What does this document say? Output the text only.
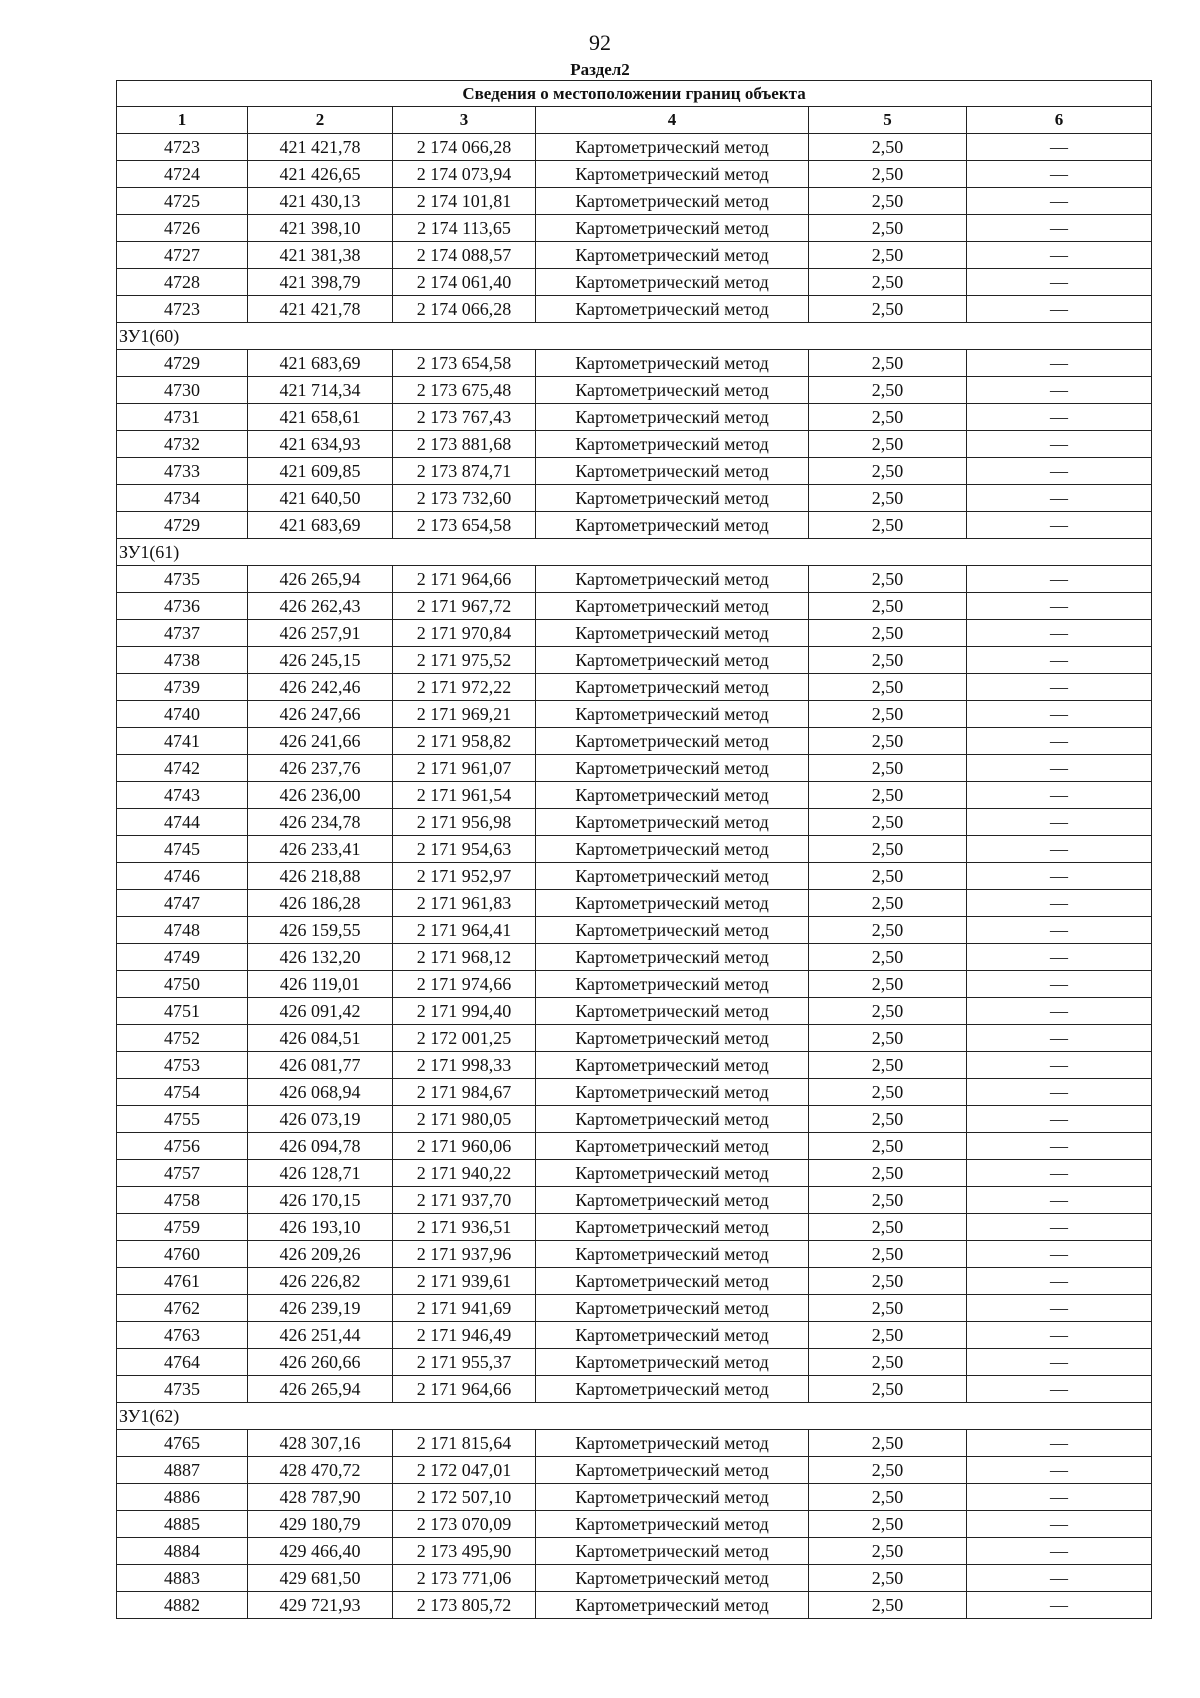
92
Раздел2
Сведения о местоположении границ объекта					
1	2	3	4	5	6
4723	421 421,78	2 174 066,28	Картометрический метод	2,50	—
4724	421 426,65	2 174 073,94	Картометрический метод	2,50	—
4725	421 430,13	2 174 101,81	Картометрический метод	2,50	—
4726	421 398,10	2 174 113,65	Картометрический метод	2,50	—
4727	421 381,38	2 174 088,57	Картометрический метод	2,50	—
4728	421 398,79	2 174 061,40	Картометрический метод	2,50	—
4723	421 421,78	2 174 066,28	Картометрический метод	2,50	—
ЗУ1(60)					
4729	421 683,69	2 173 654,58	Картометрический метод	2,50	—
4730	421 714,34	2 173 675,48	Картометрический метод	2,50	—
4731	421 658,61	2 173 767,43	Картометрический метод	2,50	—
4732	421 634,93	2 173 881,68	Картометрический метод	2,50	—
4733	421 609,85	2 173 874,71	Картометрический метод	2,50	—
4734	421 640,50	2 173 732,60	Картометрический метод	2,50	—
4729	421 683,69	2 173 654,58	Картометрический метод	2,50	—
ЗУ1(61)					
4735	426 265,94	2 171 964,66	Картометрический метод	2,50	—
4736	426 262,43	2 171 967,72	Картометрический метод	2,50	—
4737	426 257,91	2 171 970,84	Картометрический метод	2,50	—
4738	426 245,15	2 171 975,52	Картометрический метод	2,50	—
4739	426 242,46	2 171 972,22	Картометрический метод	2,50	—
4740	426 247,66	2 171 969,21	Картометрический метод	2,50	—
4741	426 241,66	2 171 958,82	Картометрический метод	2,50	—
4742	426 237,76	2 171 961,07	Картометрический метод	2,50	—
4743	426 236,00	2 171 961,54	Картометрический метод	2,50	—
4744	426 234,78	2 171 956,98	Картометрический метод	2,50	—
4745	426 233,41	2 171 954,63	Картометрический метод	2,50	—
4746	426 218,88	2 171 952,97	Картометрический метод	2,50	—
4747	426 186,28	2 171 961,83	Картометрический метод	2,50	—
4748	426 159,55	2 171 964,41	Картометрический метод	2,50	—
4749	426 132,20	2 171 968,12	Картометрический метод	2,50	—
4750	426 119,01	2 171 974,66	Картометрический метод	2,50	—
4751	426 091,42	2 171 994,40	Картометрический метод	2,50	—
4752	426 084,51	2 172 001,25	Картометрический метод	2,50	—
4753	426 081,77	2 171 998,33	Картометрический метод	2,50	—
4754	426 068,94	2 171 984,67	Картометрический метод	2,50	—
4755	426 073,19	2 171 980,05	Картометрический метод	2,50	—
4756	426 094,78	2 171 960,06	Картометрический метод	2,50	—
4757	426 128,71	2 171 940,22	Картометрический метод	2,50	—
4758	426 170,15	2 171 937,70	Картометрический метод	2,50	—
4759	426 193,10	2 171 936,51	Картометрический метод	2,50	—
4760	426 209,26	2 171 937,96	Картометрический метод	2,50	—
4761	426 226,82	2 171 939,61	Картометрический метод	2,50	—
4762	426 239,19	2 171 941,69	Картометрический метод	2,50	—
4763	426 251,44	2 171 946,49	Картометрический метод	2,50	—
4764	426 260,66	2 171 955,37	Картометрический метод	2,50	—
4735	426 265,94	2 171 964,66	Картометрический метод	2,50	—
ЗУ1(62)					
4765	428 307,16	2 171 815,64	Картометрический метод	2,50	—
4887	428 470,72	2 172 047,01	Картометрический метод	2,50	—
4886	428 787,90	2 172 507,10	Картометрический метод	2,50	—
4885	429 180,79	2 173 070,09	Картометрический метод	2,50	—
4884	429 466,40	2 173 495,90	Картометрический метод	2,50	—
4883	429 681,50	2 173 771,06	Картометрический метод	2,50	—
4882	429 721,93	2 173 805,72	Картометрический метод	2,50	—
